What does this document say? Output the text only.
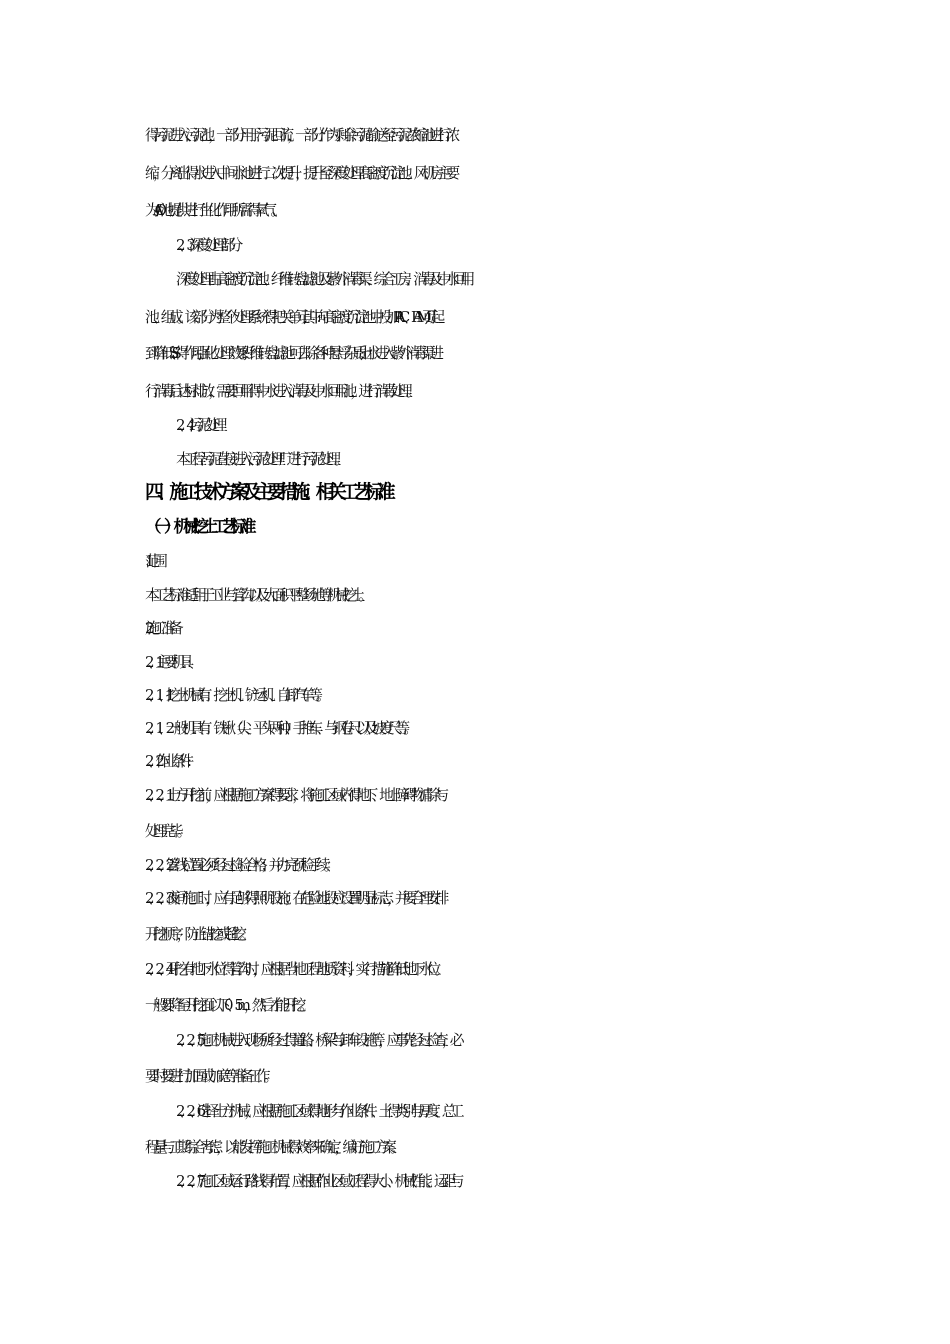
得污泥进入污泥池，一部分用于污泥回流，一部分作为剩余污泥输送至污泥浓缩池进行浓

缩，分离出得水进入中间水池进行二次提升，提升至深度处理高密度沉淀池。风机房主要

为A/O池提供进行生化作用所需得氧气。

2、3深度处理部分

深度处理由高密度沉淀池、纤维转盘滤池及紫外消毒渠、综合工房、消毒及中水回用

池、组成。该部分为整个处理系统得把关单元,其中:向高密度沉淀池中投加PAC、PAM,可起

到降低SS得作用,强化处理效果;纤维转盘滤池可去除各种悬浮杂质;出水进入紫外消毒渠进

行消毒后达标排放，需要回用得中水进入消毒及中水回用池，进行消毒处理。

2、4污泥处理

本工程污泥直接进入污泥处理厂进行污泥处理。

四、施工技术方案及主要措施、相关工艺标准

（一）机械挖土工艺标准

1 范围

本工艺标准适用于工业与管沟以及大面积平整场地等机械挖土。

2 施工准备

2、1 主要机具:

2、1、1 挖土机械有：挖土机、铲运机、自卸汽车等。

2、1、2 一般机具有：铁锹（尖、平头两种）、手推车、与钢卷尺以及坡度尺等。

2、2 作业条件:

2、2、1 土方开挖前，应根据施工方案得要求，将施工区域内得地下、地上障碍物清除与

处理完毕。

2、2、2 管线位置必须经过检验合格；并办完预检手续。

2、2、3 夜间施工时，应有足够得照明设施；在危险地段应设置明显标志，并要合理安排

开挖顺序，防止错挖或超挖。

2、2、4 开挖有地下水位得管沟时，应根据当地工程地质资料，实行措施降低地下水位。

一般要降至开挖面以下0、5m，然后才能开挖。

2、2、5 施工机械进入现场所经过得道路、桥梁与卸车设施等，应事先经过检查，必

要时要进行加固或加宽等准备工作。

2、2、6 选择土方机械，应根据施工区域得地形与作业条件、土得类别与厚度、总工

程量与工期综合考虑，以能发挥施工机械得效率来确定，编好施工方案。

2、2、7 施工区域运行路线得布置，应根据作业区域工程得大小、机械性能、运距与
